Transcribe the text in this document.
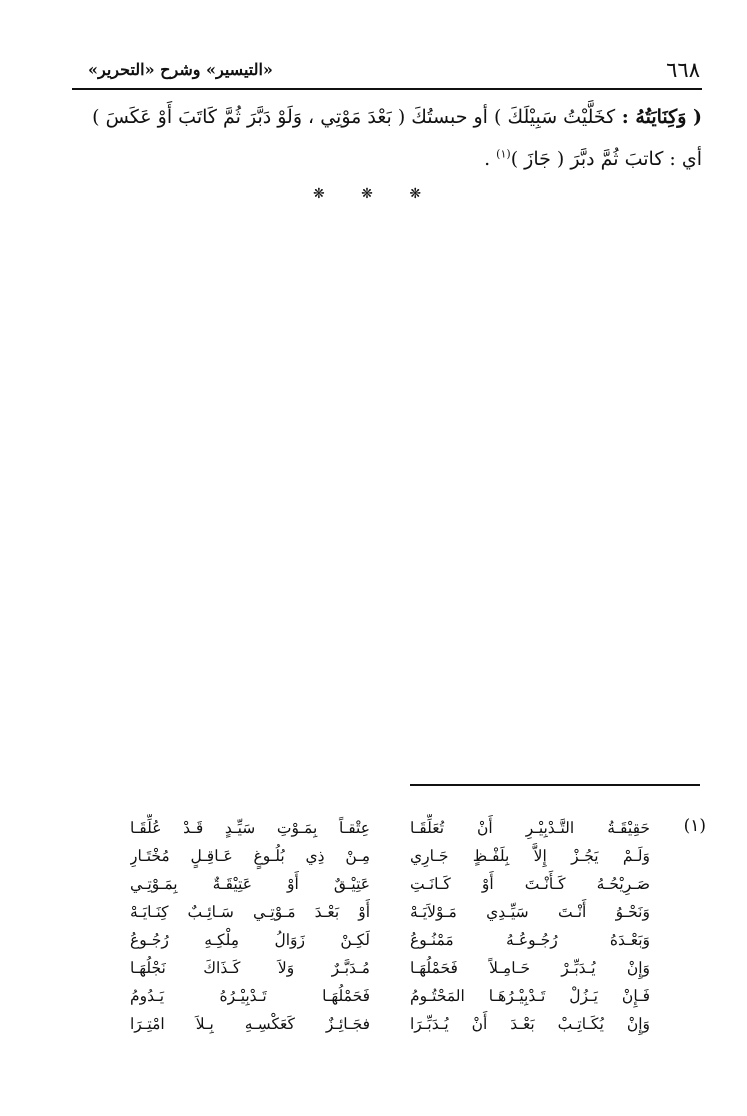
٦٦٨
«التيسير» وشرح «التحرير»
( وَكِنَايَتُهُ : كخَلَّيْتُ سَبِيْلَكَ ) أو حبستُكَ ( بَعْدَ مَوْتِي ، وَلَوْ دَبَّرَ ثُمَّ كَاتَبَ أَوْ عَكَسَ )
أي : كاتبَ ثُمَّ دبَّرَ ( جَازَ )$^{(١)}$ .
❋ ❋ ❋
(١)
حَقِيْقَـةُ التَّـدْبِيْـرِ أَنْ تُعَلِّقَـا
وَلَـمْ يَجُـزْ إِلاَّ بِلَفْـظٍ جَـارِي
صَـرِيْحُـهُ كَـأَنْـتَ أَوْ كَـانَـتِ
وَنَحْـوُ أَنْـتَ سَيِّـدِي مَـوْلاَيَـهْ
وَبَعْـدَهُ رُجُـوعُـهُ مَمْنُـوعُ
وَإِنْ يُـدَبِّـرْ حَـامِـلاً فَحَمْلُهَـا
فَـإِنْ يَـزُلْ تَـدْبِيْـرُهَـا المَحْتُـومُ
وَإِنْ يُكَـاتِـبْ بَعْـدَ أَنْ يُـدَبِّـرَا
عِتْقـاً بِمَـوْتِ سَيِّـدٍ قَـدْ عُلِّقَـا
مِـنْ ذِي بُلُـوغٍ عَـاقِـلٍ مُخْتَـارِ
عَتِيْـقٌ أَوْ عَتِيْقَـةٌ بِمَـوْتِـي
أَوْ بَعْـدَ مَـوْتِـي سَـائِـبٌ كِنَـايَـهْ
لَكِـنْ زَوَالُ مِلْكِـهِ رُجُـوعُ
مُـدَبَّـرٌ وَلاَ كَـذَاكَ نَجْلُهَـا
فَحَمْلُهَـا تَـدْبِيْـرُهُ يَـدُومُ
فجَـائِـزٌ كَعَكْسِـهِ بِـلاَ امْتِـرَا
